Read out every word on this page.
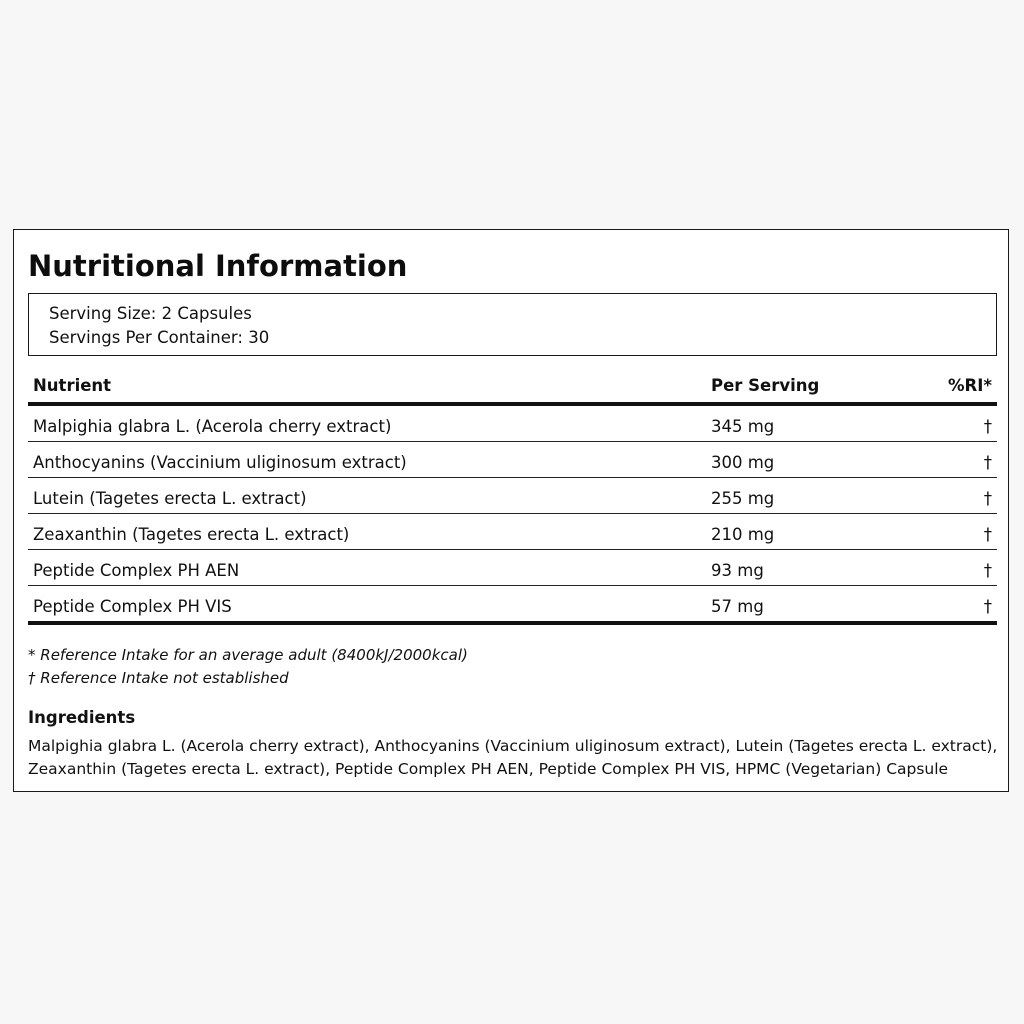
Nutritional Information
Serving Size: 2 Capsules
Servings Per Container: 30
Nutrient	Per Serving	%RI*
Malpighia glabra L. (Acerola cherry extract)	345 mg	†
Anthocyanins (Vaccinium uliginosum extract)	300 mg	†
Lutein (Tagetes erecta L. extract)	255 mg	†
Zeaxanthin (Tagetes erecta L. extract)	210 mg	†
Peptide Complex PH AEN	93 mg	†
Peptide Complex PH VIS	57 mg	†
* Reference Intake for an average adult (8400kJ/2000kcal)
† Reference Intake not established
Ingredients
Malpighia glabra L. (Acerola cherry extract), Anthocyanins (Vaccinium uliginosum extract), Lutein (Tagetes erecta L. extract),
Zeaxanthin (Tagetes erecta L. extract), Peptide Complex PH AEN, Peptide Complex PH VIS, HPMC (Vegetarian) Capsule
